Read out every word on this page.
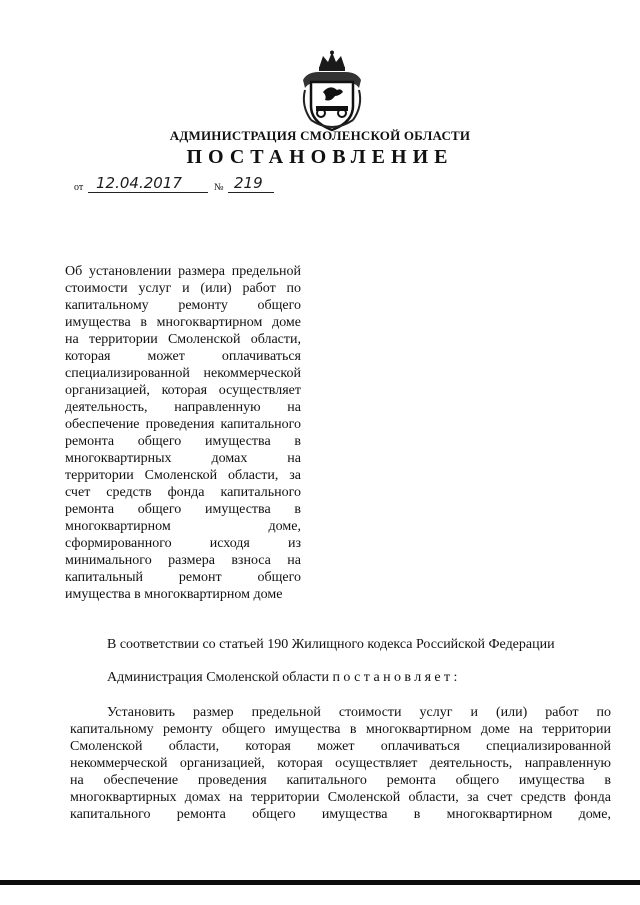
АДМИНИСТРАЦИЯ СМОЛЕНСКОЙ ОБЛАСТИ
ПОСТАНОВЛЕНИЕ
от 12.04.2017	№ 219
Об установлении размера предельной
стоимости услуг и (или) работ по
капитальному ремонту общего
имущества в многоквартирном доме
на территории Смоленской области,
которая может оплачиваться
специализированной некоммерческой
организацией, которая осуществляет
деятельность, направленную на
обеспечение проведения капитального
ремонта общего имущества в
многоквартирных домах на
территории Смоленской области, за
счет средств фонда капитального
ремонта общего имущества в
многоквартирном доме,
сформированного исходя из
минимального размера взноса на
капитальный ремонт общего
имущества в многоквартирном доме
В соответствии со статьей 190 Жилищного кодекса Российской Федерации
Администрация Смоленской области постановляет:
Установить размер предельной стоимости услуг и (или) работ по
капитальному ремонту общего имущества в многоквартирном доме на территории
Смоленской области, которая может оплачиваться специализированной
некоммерческой организацией, которая осуществляет деятельность, направленную
на обеспечение проведения капитального ремонта общего имущества в
многоквартирных домах на территории Смоленской области, за счет средств фонда
капитального ремонта общего имущества в многоквартирном доме,
